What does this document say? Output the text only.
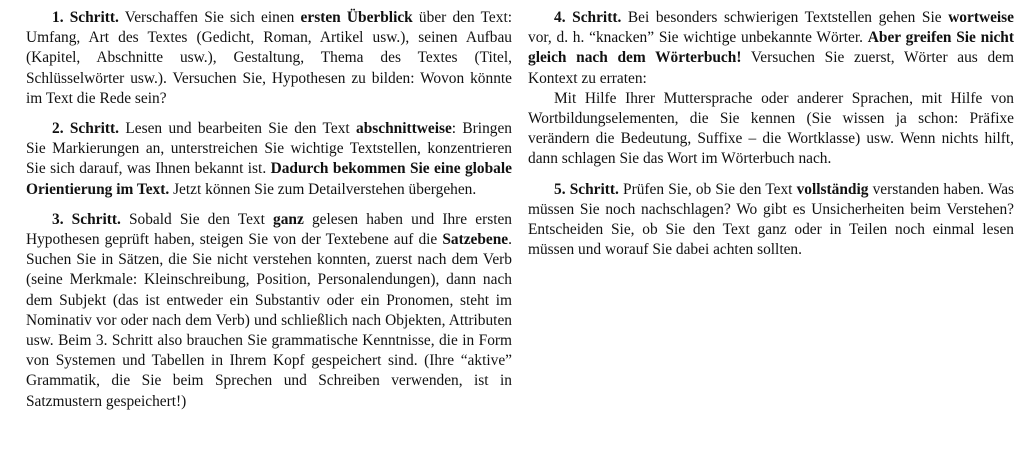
1. Schritt. Verschaffen Sie sich einen ersten Überblick über den Text: Umfang, Art des Textes (Gedicht, Roman, Artikel usw.), seinen Aufbau (Kapitel, Abschnitte usw.), Gestaltung, Thema des Textes (Titel, Schlüsselwörter usw.). Versuchen Sie, Hypothesen zu bilden: Wovon könnte im Text die Rede sein?

2. Schritt. Lesen und bearbeiten Sie den Text abschnittweise: Bringen Sie Markierungen an, unterstreichen Sie wichtige Textstellen, konzentrieren Sie sich darauf, was Ihnen bekannt ist. Dadurch bekommen Sie eine globale Orientierung im Text. Jetzt können Sie zum Detailverstehen übergehen.

3. Schritt. Sobald Sie den Text ganz gelesen haben und Ihre ersten Hypothesen geprüft haben, steigen Sie von der Textebene auf die Satzebene. Suchen Sie in Sätzen, die Sie nicht verstehen konnten, zuerst nach dem Verb (seine Merkmale: Kleinschreibung, Position, Personalendungen), dann nach dem Subjekt (das ist entweder ein Substantiv oder ein Pronomen, steht im Nominativ vor oder nach dem Verb) und schließlich nach Objekten, Attributen usw. Beim 3. Schritt also brauchen Sie grammatische Kenntnisse, die in Form von Systemen und Tabellen in Ihrem Kopf gespeichert sind. (Ihre “aktive” Grammatik, die Sie beim Sprechen und Schreiben verwenden, ist in Satzmustern gespeichert!)

4. Schritt. Bei besonders schwierigen Textstellen gehen Sie wortweise vor, d. h. “knacken” Sie wichtige unbekannte Wörter. Aber greifen Sie nicht gleich nach dem Wörterbuch! Versuchen Sie zuerst, Wörter aus dem Kontext zu erraten:

Mit Hilfe Ihrer Muttersprache oder anderer Sprachen, mit Hilfe von Wortbildungselementen, die Sie kennen (Sie wissen ja schon: Präfixe verändern die Bedeutung, Suffixe – die Wortklasse) usw. Wenn nichts hilft, dann schlagen Sie das Wort im Wörterbuch nach.

5. Schritt. Prüfen Sie, ob Sie den Text vollständig verstanden haben. Was müssen Sie noch nachschlagen? Wo gibt es Unsicherheiten beim Verstehen? Entscheiden Sie, ob Sie den Text ganz oder in Teilen noch einmal lesen müssen und worauf Sie dabei achten sollten.
